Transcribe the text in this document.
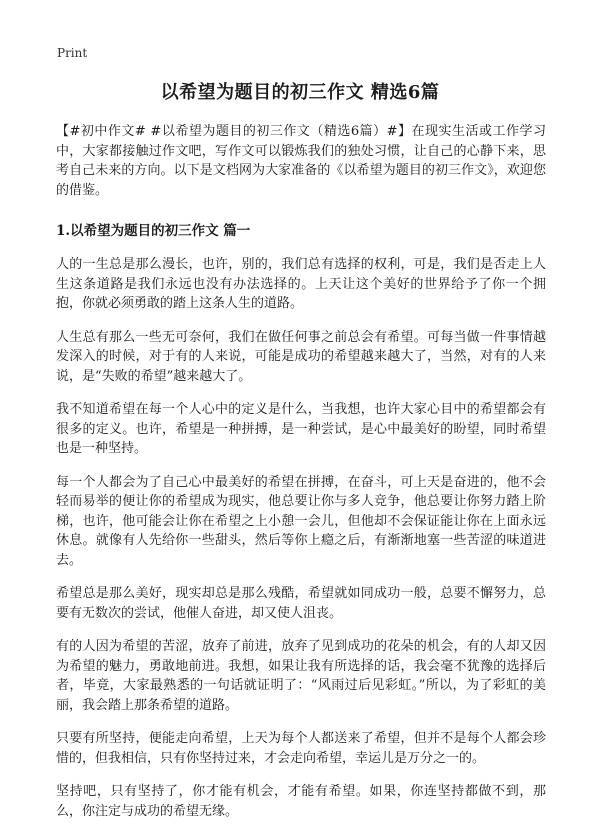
Print
以希望为题目的初三作文 精选6篇

【#初中作文# #以希望为题目的初三作文（精选6篇）#】在现实生活或工作学习中，大家都接触过作文吧，写作文可以锻炼我们的独处习惯，让自己的心静下来，思考自己未来的方向。以下是文档网为大家准备的《以希望为题目的初三作文》，欢迎您的借鉴。

1.以希望为题目的初三作文 篇一

人的一生总是那么漫长，也许，别的，我们总有选择的权利，可是，我们是否走上人生这条道路是我们永远也没有办法选择的。上天让这个美好的世界给予了你一个拥抱，你就必须勇敢的踏上这条人生的道路。

人生总有那么一些无可奈何，我们在做任何事之前总会有希望。可每当做一件事情越发深入的时候，对于有的人来说，可能是成功的希望越来越大了，当然，对有的人来说，是“失败的希望”越来越大了。

我不知道希望在每一个人心中的定义是什么，当我想，也许大家心目中的希望都会有很多的定义。也许，希望是一种拼搏，是一种尝试，是心中最美好的盼望，同时希望也是一种坚持。

每一个人都会为了自己心中最美好的希望在拼搏，在奋斗，可上天是奋进的，他不会轻而易举的便让你的希望成为现实，他总要让你与多人竞争，他总要让你努力踏上阶梯，也许，他可能会让你在希望之上小憩一会儿，但他却不会保证能让你在上面永远休息。就像有人先给你一些甜头，然后等你上瘾之后，有渐渐地塞一些苦涩的味道进去。

希望总是那么美好，现实却总是那么残酷，希望就如同成功一般，总要不懈努力，总要有无数次的尝试，他催人奋进，却又使人沮丧。

有的人因为希望的苦涩，放弃了前进，放弃了见到成功的花朵的机会，有的人却又因为希望的魅力，勇敢地前进。我想，如果让我有所选择的话，我会毫不犹豫的选择后者，毕竟，大家最熟悉的一句话就证明了：“风雨过后见彩虹。”所以，为了彩虹的美丽，我会踏上那条希望的道路。

只要有所坚持，便能走向希望，上天为每个人都送来了希望，但并不是每个人都会珍惜的，但我相信，只有你坚持过来，才会走向希望，幸运儿是万分之一的。

坚持吧，只有坚持了，你才能有机会，才能有希望。如果，你连坚持都做不到，那么，你注定与成功的希望无缘。
